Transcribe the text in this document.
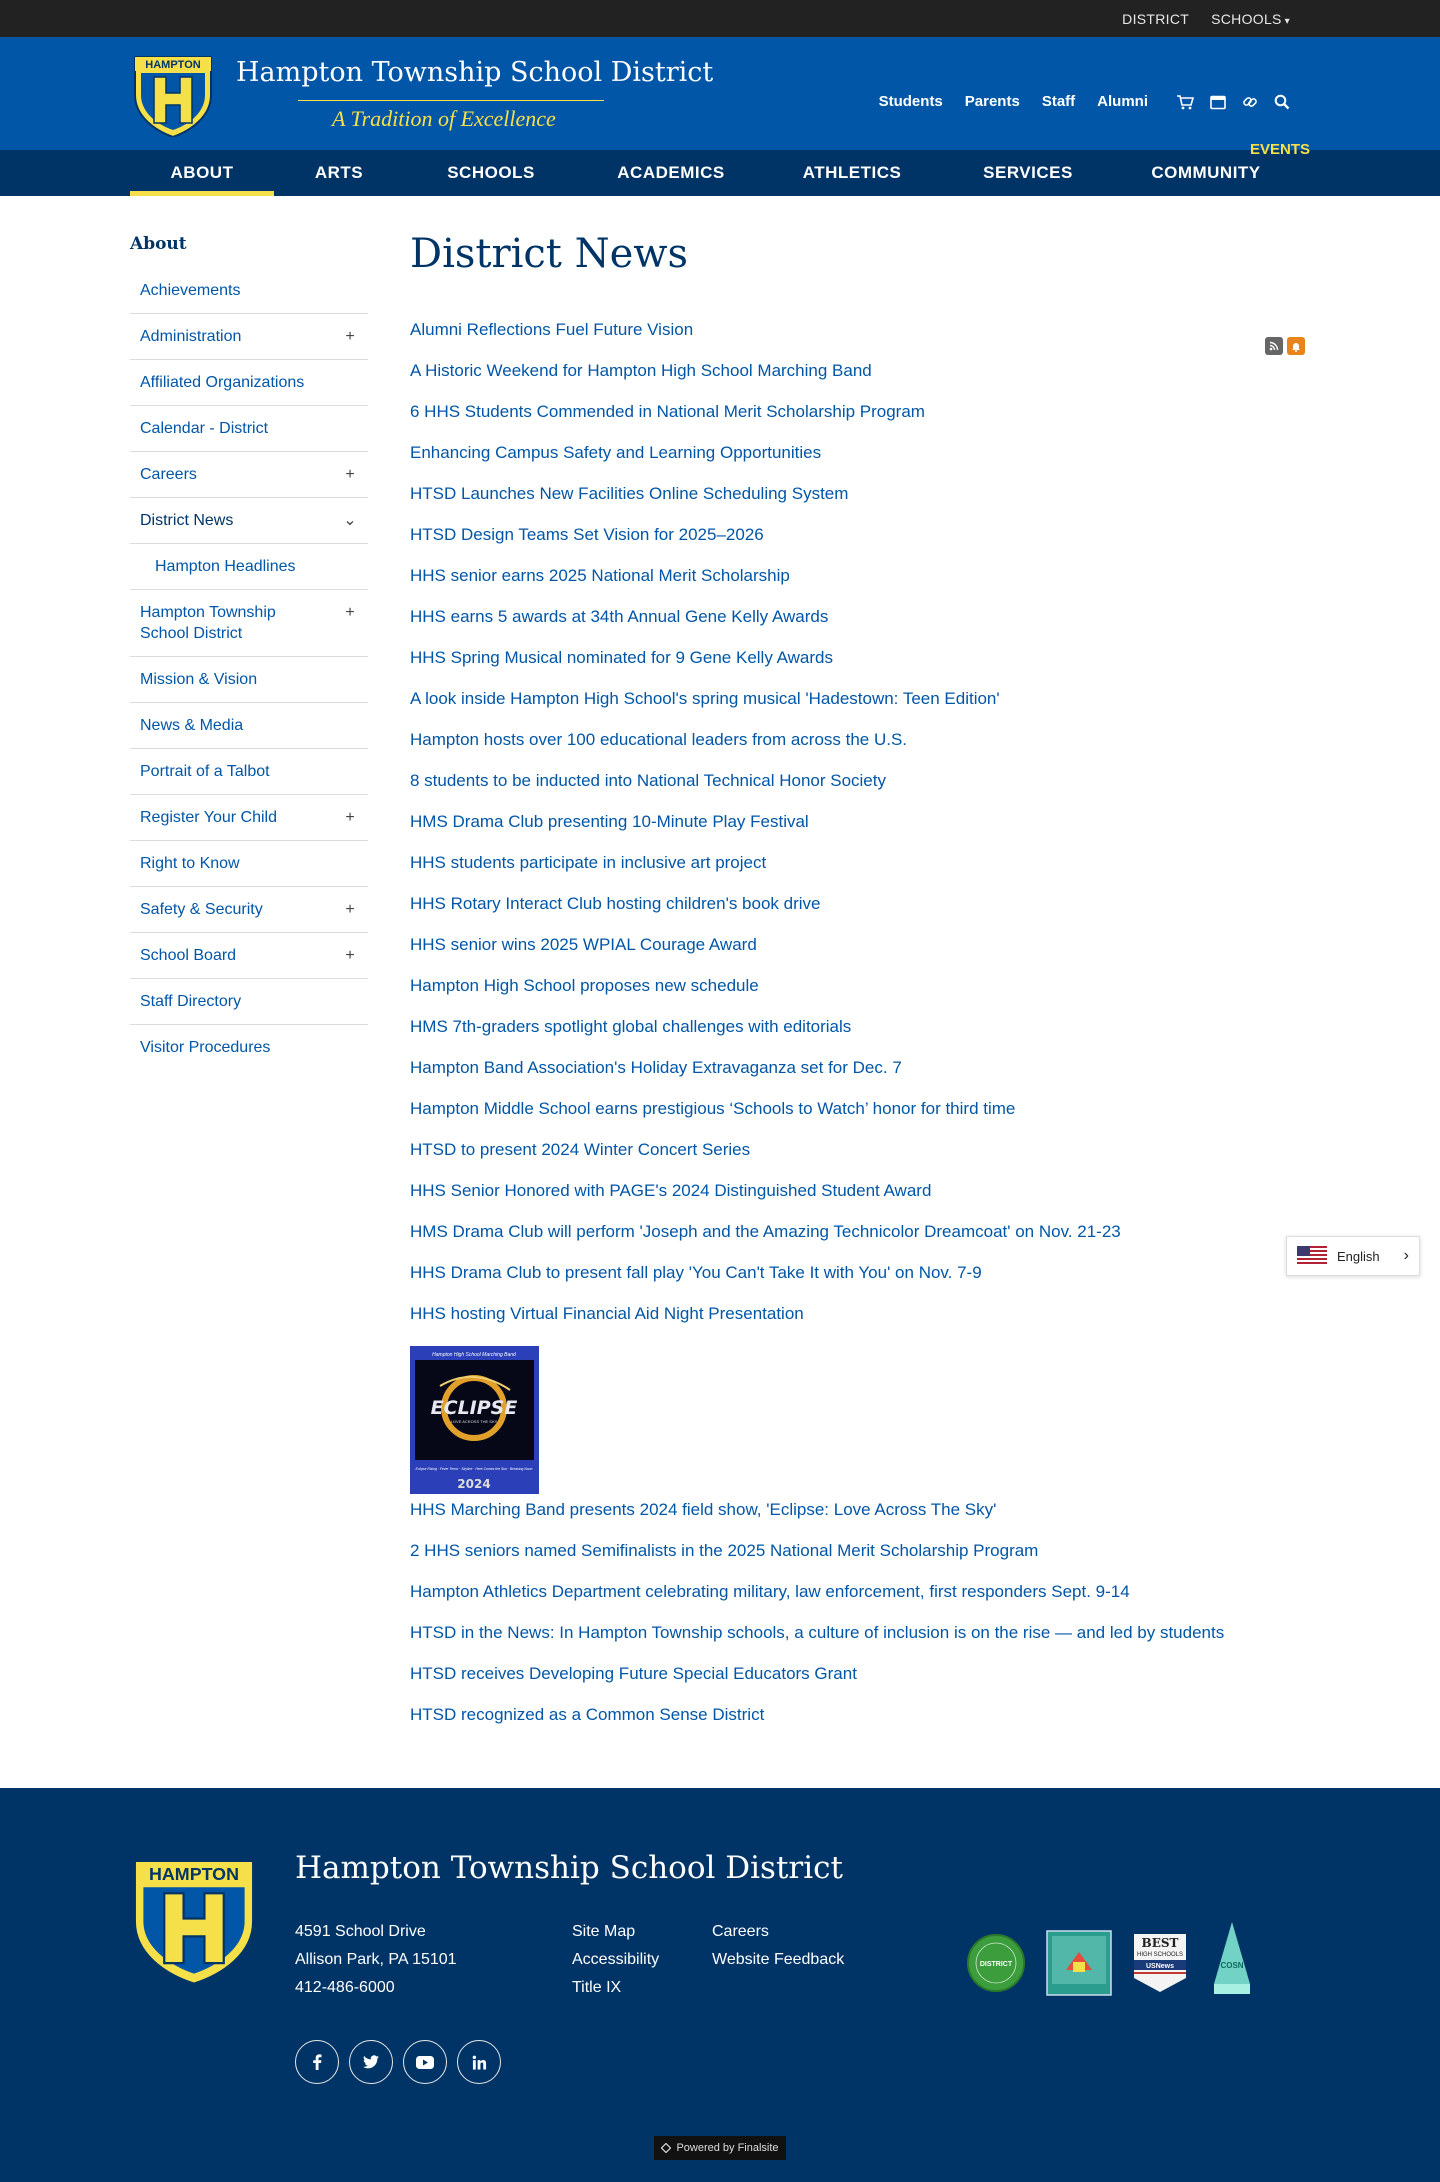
DISTRICT SCHOOLS ▾
HAMPTON Hampton Township School District
A Tradition of Excellence
Students Parents Staff Alumni
EVENTS
ABOUT	ARTS	SCHOOLS	ACADEMICS	ATHLETICS	SERVICES	COMMUNITY
About
Achievements
Administration	+
Affiliated Organizations
Calendar - District
Careers	+
District News	⌄
Hampton Headlines
Hampton Township School District
+
Mission & Vision
News & Media
Portrait of a Talbot
Register Your Child	+
Right to Know
Safety & Security	+
School Board	+
Staff Directory
Visitor Procedures
District News
Alumni Reflections Fuel Future Vision
A Historic Weekend for Hampton High School Marching Band
6 HHS Students Commended in National Merit Scholarship Program
Enhancing Campus Safety and Learning Opportunities
HTSD Launches New Facilities Online Scheduling System
HTSD Design Teams Set Vision for 2025–2026
HHS senior earns 2025 National Merit Scholarship
HHS earns 5 awards at 34th Annual Gene Kelly Awards
HHS Spring Musical nominated for 9 Gene Kelly Awards
A look inside Hampton High School's spring musical 'Hadestown: Teen Edition'
Hampton hosts over 100 educational leaders from across the U.S.
8 students to be inducted into National Technical Honor Society
HMS Drama Club presenting 10-Minute Play Festival
HHS students participate in inclusive art project
HHS Rotary Interact Club hosting children's book drive
HHS senior wins 2025 WPIAL Courage Award
Hampton High School proposes new schedule
HMS 7th-graders spotlight global challenges with editorials
Hampton Band Association's Holiday Extravaganza set for Dec. 7
Hampton Middle School earns prestigious ‘Schools to Watch’ honor for third time
HTSD to present 2024 Winter Concert Series
HHS Senior Honored with PAGE's 2024 Distinguished Student Award
HMS Drama Club will perform 'Joseph and the Amazing Technicolor Dreamcoat' on Nov. 21-23
HHS Drama Club to present fall play 'You Can't Take It with You' on Nov. 7-9
HHS hosting Virtual Financial Aid Night Presentation
Hampton High School Marching Band
ECLIPSE
LOVE ACROSS THE SKY
Eclipse Rising · Fever Terror · Skyline · Here Comes the Sun · Breaking Noon
2024
HHS Marching Band presents 2024 field show, 'Eclipse: Love Across The Sky'
2 HHS seniors named Semifinalists in the 2025 National Merit Scholarship Program
Hampton Athletics Department celebrating military, law enforcement, first responders Sept. 9-14
HTSD in the News: In Hampton Township schools, a culture of inclusion is on the rise — and led by students
HTSD receives Developing Future Special Educators Grant
HTSD recognized as a Common Sense District
English ›
HAMPTON Hampton Township School District
4591 School Drive
Allison Park, PA 15101
412-486-6000
Site Map
Accessibility
Title IX
Careers
Website Feedback	DISTRICT
BEST
HIGH SCHOOLS
USNews	COSN
Powered by Finalsite
